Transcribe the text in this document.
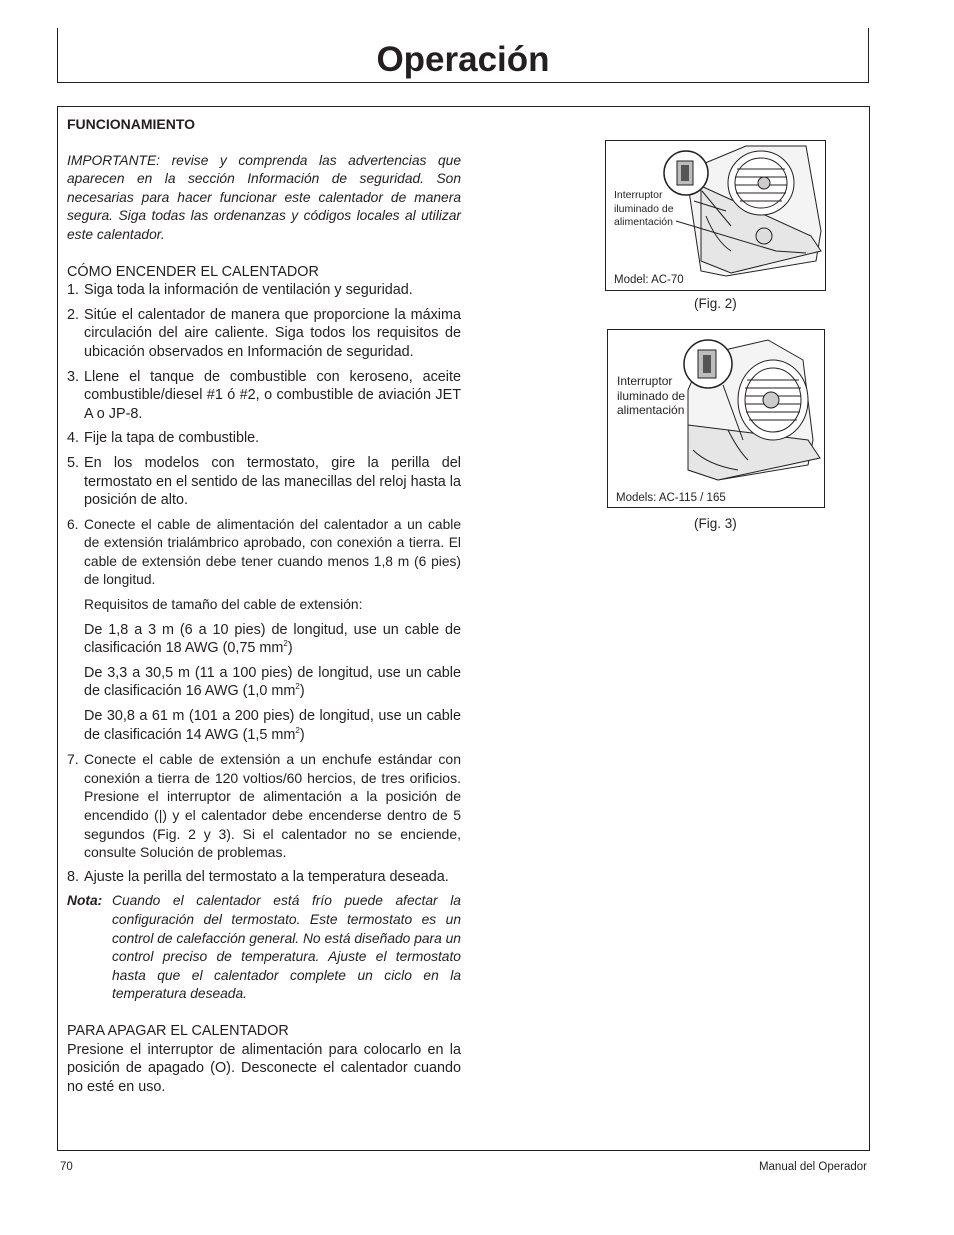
Operación

FUNCIONAMIENTO

IMPORTANTE: revise y comprenda las advertencias que aparecen en la sección Información de seguridad. Son necesarias para hacer funcionar este calentador de manera segura. Siga todas las ordenanzas y códigos locales al utilizar este calentador.

CÓMO ENCENDER EL CALENTADOR

1. Siga toda la información de ventilación y seguridad.
2. Sitúe el calentador de manera que proporcione la máxima circulación del aire caliente. Siga todos los requisitos de ubicación observados en Información de seguridad.
3. Llene el tanque de combustible con keroseno, aceite combustible/diesel #1 ó #2, o combustible de aviación JET A o JP-8.
4. Fije la tapa de combustible.
5. En los modelos con termostato, gire la perilla del termostato en el sentido de las manecillas del reloj hasta la posición de alto.
6. Conecte el cable de alimentación del calentador a un cable de extensión trialámbrico aprobado, con conexión a tierra. El cable de extensión debe tener cuando menos 1,8 m (6 pies) de longitud.

Requisitos de tamaño del cable de extensión:

De 1,8 a 3 m (6 a 10 pies) de longitud, use un cable de clasificación 18 AWG (0,75 $mm^2$)

De 3,3 a 30,5 m (11 a 100 pies) de longitud, use un cable de clasificación 16 AWG (1,0 $mm^2$)

De 30,8 a 61 m (101 a 200 pies) de longitud, use un cable de clasificación 14 AWG (1,5 $mm^2$)

7. Conecte el cable de extensión a un enchufe estándar con conexión a tierra de 120 voltios/60 hercios, de tres orificios. Presione el interruptor de alimentación a la posición de encendido (|) y el calentador debe encenderse dentro de 5 segundos (Fig. 2 y 3). Si el calentador no se enciende, consulte Solución de problemas.
8. Ajuste la perilla del termostato a la temperatura deseada.

Nota: Cuando el calentador está frío puede afectar la configuración del termostato. Este termostato es un control de calefacción general. No está diseñado para un control preciso de temperatura. Ajuste el termostato hasta que el calentador complete un ciclo en la temperatura deseada.

PARA APAGAR EL CALENTADOR

Presione el interruptor de alimentación para colocarlo en la posición de apagado (O). Desconecte el calentador cuando no esté en uso.

Interruptor
iluminado de
alimentación
Model: AC-70
(Fig. 2)
Interruptor
iluminado de
alimentación
Models: AC-115 / 165
(Fig. 3)
70	Manual del Operador
